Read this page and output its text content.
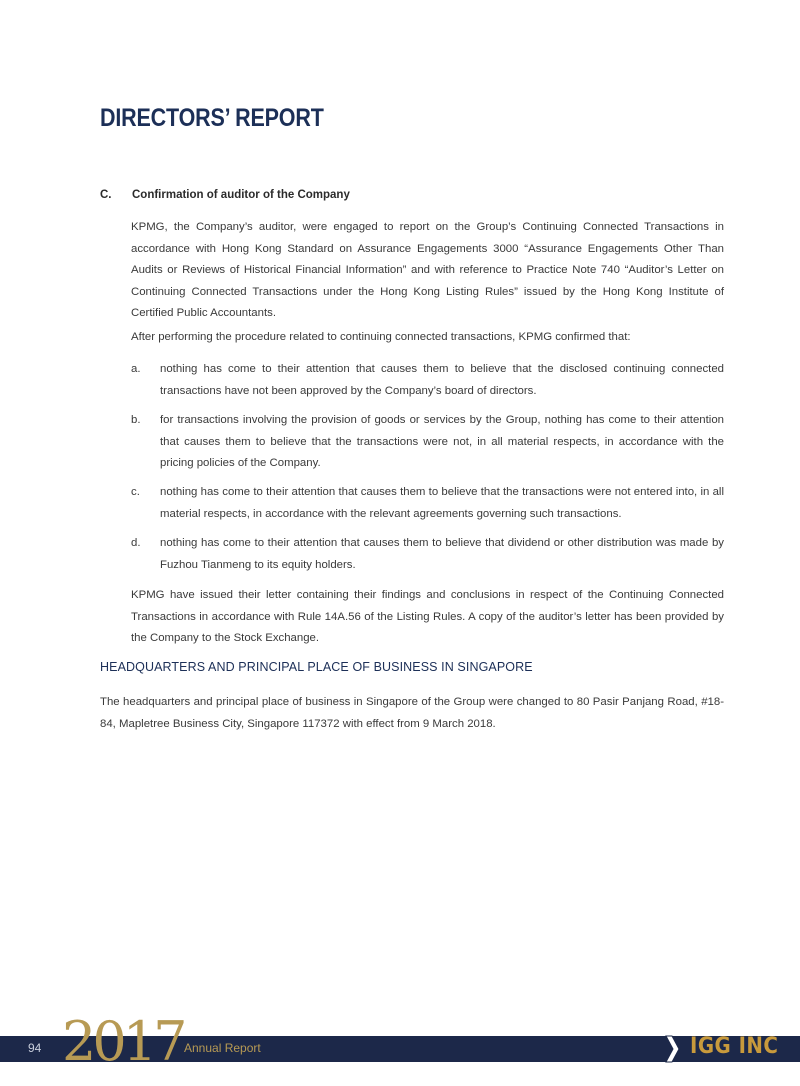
DIRECTORS’ REPORT
C. Confirmation of auditor of the Company

KPMG, the Company’s auditor, were engaged to report on the Group’s Continuing Connected Transactions in accordance with Hong Kong Standard on Assurance Engagements 3000 “Assurance Engagements Other Than Audits or Reviews of Historical Financial Information” and with reference to Practice Note 740 “Auditor’s Letter on Continuing Connected Transactions under the Hong Kong Listing Rules” issued by the Hong Kong Institute of Certified Public Accountants.

After performing the procedure related to continuing connected transactions, KPMG confirmed that:

a.	nothing has come to their attention that causes them to believe that the disclosed continuing connected transactions have not been approved by the Company’s board of directors.
b.	for transactions involving the provision of goods or services by the Group, nothing has come to their attention that causes them to believe that the transactions were not, in all material respects, in accordance with the pricing policies of the Company.
c.	nothing has come to their attention that causes them to believe that the transactions were not entered into, in all material respects, in accordance with the relevant agreements governing such transactions.
d.	nothing has come to their attention that causes them to believe that dividend or other distribution was made by Fuzhou Tianmeng to its equity holders.

KPMG have issued their letter containing their findings and conclusions in respect of the Continuing Connected Transactions in accordance with Rule 14A.56 of the Listing Rules. A copy of the auditor’s letter has been provided by the Company to the Stock Exchange.

HEADQUARTERS AND PRINCIPAL PLACE OF BUSINESS IN SINGAPORE

The headquarters and principal place of business in Singapore of the Group were changed to 80 Pasir Panjang Road, #18-84, Mapletree Business City, Singapore 117372 with effect from 9 March 2018.

94 2017 Annual Report	IGG INC
